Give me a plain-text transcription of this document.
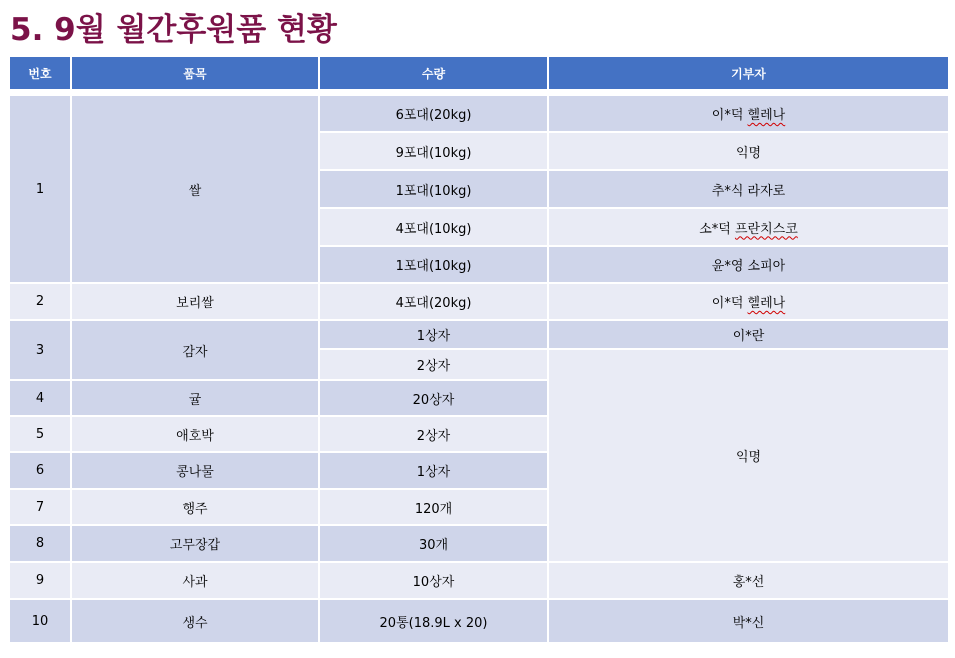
5. 9월 월간후원품 현황
번호	품목	수량	기부자

1	쌀	6포대(20kg)	이*덕 헬레나
		9포대(10kg)	익명
		1포대(10kg)	추*식 라자로
		4포대(10kg)	소*덕 프란치스코
		1포대(10kg)	윤*영 소피아
2	보리쌀	4포대(20kg)	이*덕 헬레나
3	감자	1상자	이*란
		2상자	익명
4	귤	20상자	
5	애호박	2상자	
6	콩나물	1상자	
7	행주	120개	
8	고무장갑	30개	
9	사과	10상자	홍*선
10	생수	20통(18.9L x 20)	박*신
